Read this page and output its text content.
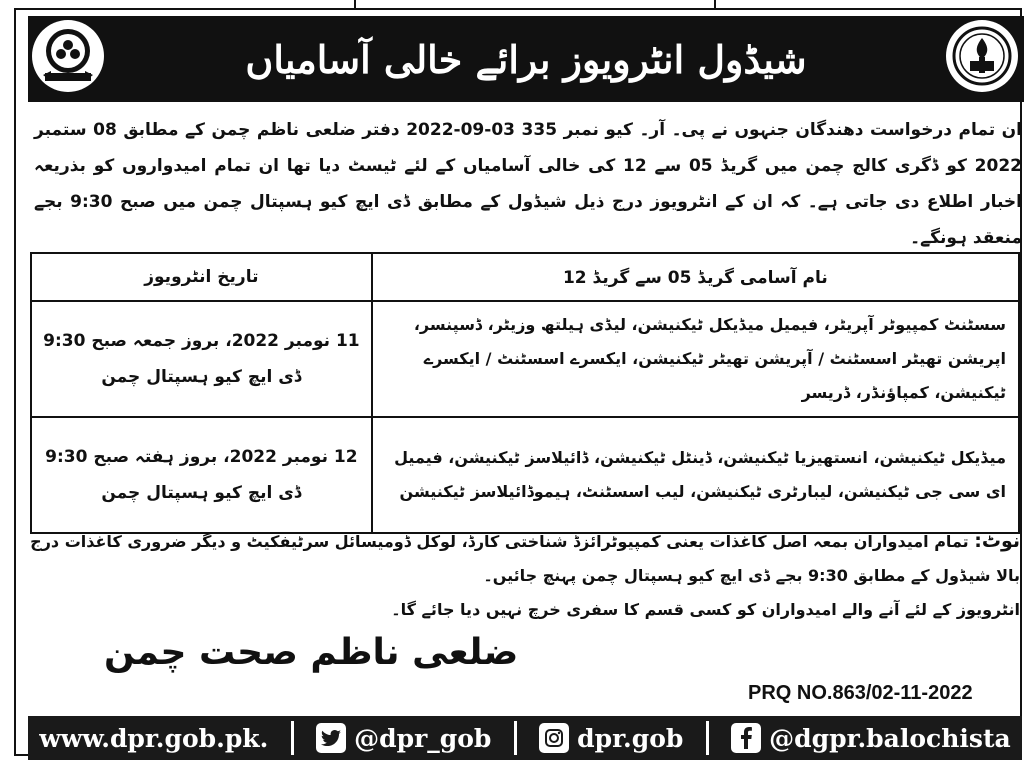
شیڈول انٹرویوز برائے خالی آسامیاں
ان تمام درخواست دھندگان جنہوں نے پی۔ آر۔ کیو نمبر 335 03-09-2022 دفتر ضلعی ناظم چمن کے مطابق 08 ستمبر 2022 کو ڈگری کالج چمن میں گریڈ 05 سے 12 کی خالی آسامیاں کے لئے ٹیسٹ دیا تھا ان تمام امیدواروں کو بذریعہ اخبار اطلاع دی جاتی ہے۔ کہ ان کے انٹرویوز درج ذیل شیڈول کے مطابق ڈی ایچ کیو ہسپتال چمن میں صبح 9:30 بجے منعقد ہونگے۔
نام آسامی گریڈ 05 سے گریڈ 12	تاریخ انٹرویوز
سسٹنٹ کمپیوٹر آپریٹر، فیمیل میڈیکل ٹیکنیشن، لیڈی ہیلتھ وزیٹر، ڈسپنسر، اپریشن تھیٹر اسسٹنٹ / آپریشن تھیٹر ٹیکنیشن، ایکسرے اسسٹنٹ / ایکسرے ٹیکنیشن، کمپاؤنڈر، ڈریسر	11 نومبر 2022، بروز جمعہ صبح 9:30
ڈی ایچ کیو ہسپتال چمن

میڈیکل ٹیکنیشن، انستھیزیا ٹیکنیشن، ڈینٹل ٹیکنیشن، ڈائیلاسز ٹیکنیشن، فیمیل ای سی جی ٹیکنیشن، لیبارٹری ٹیکنیشن، لیب اسسٹنٹ، ہیموڈائیلاسز ٹیکنیشن	12 نومبر 2022، بروز ہفتہ صبح 9:30
ڈی ایچ کیو ہسپتال چمن
نوٹ: تمام امیدواران بمعہ اصل کاغذات یعنی کمپیوٹرائزڈ شناختی کارڈ، لوکل ڈومیسائل سرٹیفکیٹ و دیگر ضروری کاغذات درج بالا شیڈول کے مطابق 9:30 بجے ڈی ایچ کیو ہسپتال چمن پہنچ جائیں۔
انٹرویوز کے لئے آنے والے امیدواران کو کسی قسم کا سفری خرچ نہیں دیا جائے گا۔
ضلعی ناظم صحت چمن
PRQ NO.863/02-11-2022
www.dpr.gob.pk.	@dpr_gob	dpr.gob	@dgpr.balochista
